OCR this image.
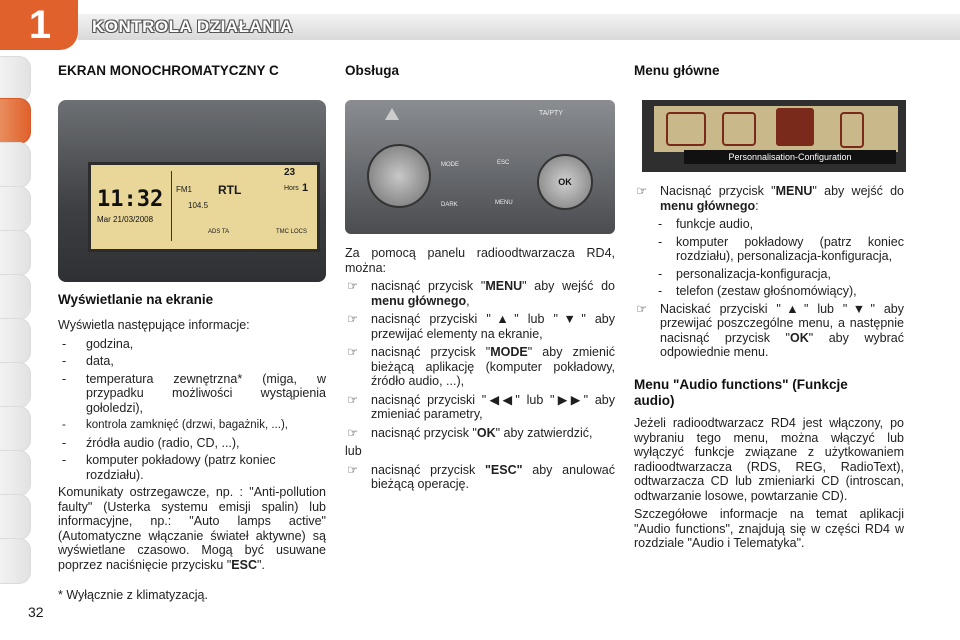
1	KONTROLA DZIAŁANIA
EKRAN MONOCHROMATYCZNY C
11:32
Mar 21/03/2008
FM1 RTL	Hors 1
23
104.5
ADS TA	TMC LOCS
Wyświetlanie na ekranie

Wyświetla następujące informacje:

- godzina,
- data,
- temperatura zewnętrzna* (miga, w przypadku możliwości wystąpienia gołoledzi),
- kontrola zamknięć (drzwi, bagażnik, ...),
- źródła audio (radio, CD, ...),
- komputer pokładowy (patrz koniec rozdziału).

Komunikaty ostrzegawcze, np. : "Anti-pollution faulty" (Usterka systemu emisji spalin) lub informacyjne, np.: "Auto lamps active" (Automatyczne włączanie świateł aktywne) są wyświetlane czasowo. Mogą być usuwane poprzez naciśnięcie przycisku "ESC".

* Wyłącznie z klimatyzacją.
32
Obsługa
TA/PTY
MODE
DARK
ESC
MENU
OK

Za pomocą panelu radioodtwarzacza RD4, można:

☞ nacisnąć przycisk "MENU" aby wejść do menu głównego,
☞ nacisnąć przyciski "▲" lub "▼" aby przewijać elementy na ekranie,
☞ nacisnąć przycisk "MODE" aby zmienić bieżącą aplikację (komputer pokładowy, źródło audio, ...),
☞ nacisnąć przyciski "◀◀" lub "▶▶" aby zmieniać parametry,
☞ nacisnąć przycisk "OK" aby zatwierdzić,

lub

☞ nacisnąć przycisk "ESC" aby anulować bieżącą operację.
Menu główne
Personnalisation-Configuration
☞ Nacisnąć przycisk "MENU" aby wejść do menu głównego:
- funkcje audio,
- komputer pokładowy (patrz koniec rozdziału), personalizacja-konfiguracja,
- personalizacja-konfiguracja,
- telefon (zestaw głośnomówiący),
☞ Naciskać przyciski "▲" lub "▼" aby przewijać poszczególne menu, a następnie nacisnąć przycisk "OK" aby wybrać odpowiednie menu.
Menu "Audio functions" (Funkcje audio)

Jeżeli radioodtwarzacz RD4 jest włączony, po wybraniu tego menu, można włączyć lub wyłączyć funkcje związane z użytkowaniem radioodtwarzacza (RDS, REG, RadioText), odtwarzacza CD lub zmieniarki CD (introscan, odtwarzanie losowe, powtarzanie CD).

Szczegółowe informacje na temat aplikacji "Audio functions", znajdują się w części RD4 w rozdziale "Audio i Telematyka".
